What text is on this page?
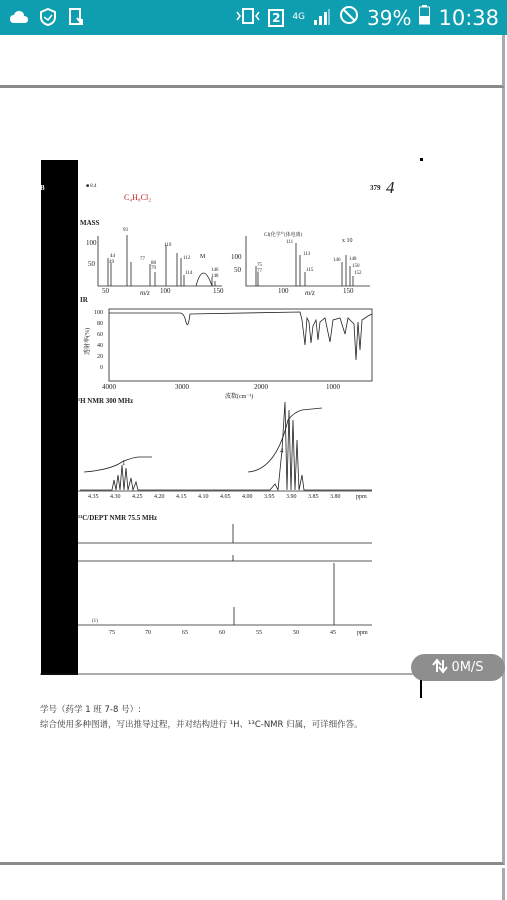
2	4G	39% 10:38
B	■ 8.4
C₄H₈Cl₂
379 4
MASS
IR
¹H NMR 300 MHz
¹³C/DEPT NMR 75.5 MHz
100
50
50	m/z 100	150
44
49
77
88
79
93
110
112
114
M
146
148
CI(化学气体电离)
100
50
100 m/z	150
75
77
111
113
115
146 148
150
152
x 10
100
80
60
40
20
0
透射率(%)
4000	3000	2000	1000
波数(cm⁻¹)
4.35 4.30 4.25 4.20 4.15 4.10 4.05 4.00 3.95 3.90 3.85 3.80	ppm
1
4
(1)
75	70	65	60	55	50	45	ppm
学号（药学 1 班 7-8 号）:
综合使用多种图谱，写出推导过程，并对结构进行 ¹H、¹³C-NMR 归属，可详细作答。
0M/S
